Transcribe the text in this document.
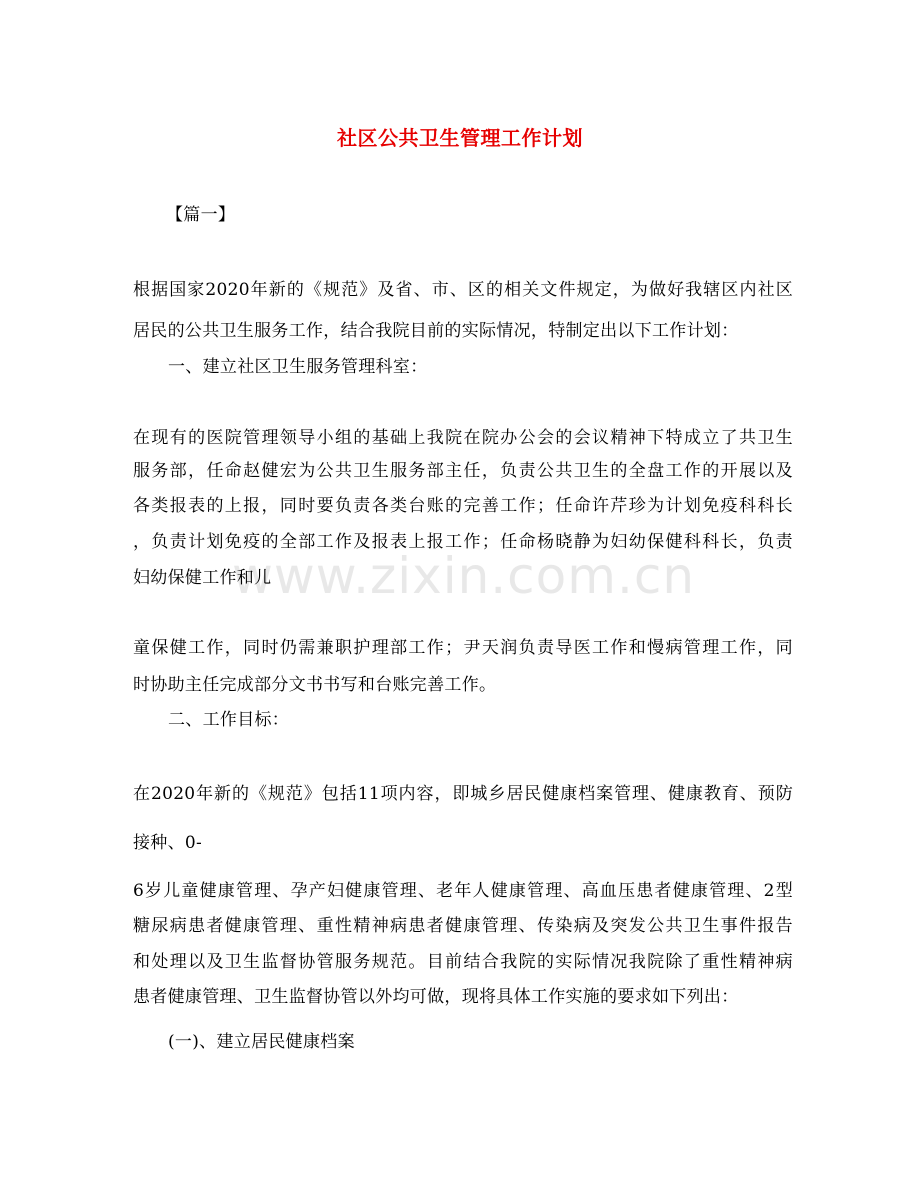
www.zixin.com.cn
社区公共卫生管理工作计划
【篇一】
根据国家2020年新的《规范》及省、市、区的相关文件规定，为做好我辖区内社区
居民的公共卫生服务工作，结合我院目前的实际情况，特制定出以下工作计划：
一、建立社区卫生服务管理科室：
在现有的医院管理领导小组的基础上我院在院办公会的会议精神下特成立了共卫生
服务部，任命赵健宏为公共卫生服务部主任，负责公共卫生的全盘工作的开展以及
各类报表的上报，同时要负责各类台账的完善工作；任命许芹珍为计划免疫科科长
，负责计划免疫的全部工作及报表上报工作；任命杨晓静为妇幼保健科科长，负责
妇幼保健工作和儿
童保健工作，同时仍需兼职护理部工作；尹天润负责导医工作和慢病管理工作，同
时协助主任完成部分文书书写和台账完善工作。
二、工作目标：
在2020年新的《规范》包括11项内容，即城乡居民健康档案管理、健康教育、预防
接种、0-
6岁儿童健康管理、孕产妇健康管理、老年人健康管理、高血压患者健康管理、2型
糖尿病患者健康管理、重性精神病患者健康管理、传染病及突发公共卫生事件报告
和处理以及卫生监督协管服务规范。目前结合我院的实际情况我院除了重性精神病
患者健康管理、卫生监督协管以外均可做，现将具体工作实施的要求如下列出：
(一)、建立居民健康档案
